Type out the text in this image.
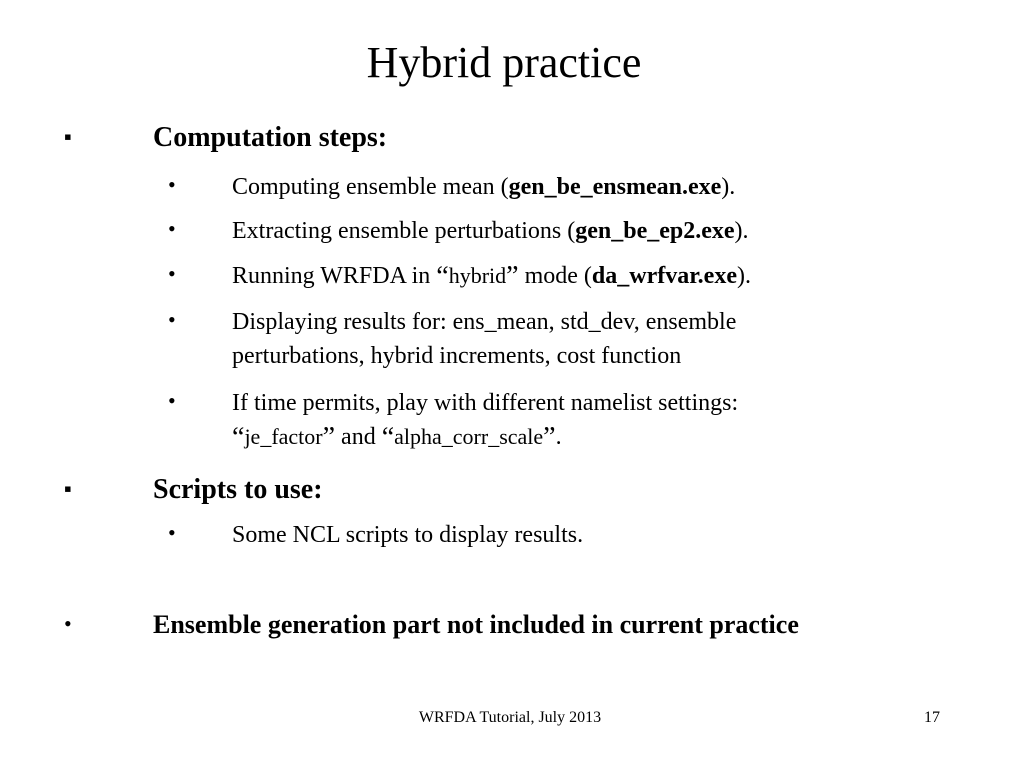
Hybrid practice
▪	Computation steps:
• Computing ensemble mean (gen_be_ensmean.exe).
• Extracting ensemble perturbations (gen_be_ep2.exe).
• Running WRFDA in “hybrid” mode (da_wrfvar.exe).
• Displaying results for: ens_mean, std_dev, ensemble
perturbations, hybrid increments, cost function
• If time permits, play with different namelist settings:
“je_factor” and “alpha_corr_scale”.
▪	Scripts to use:
• Some NCL scripts to display results.
•	Ensemble generation part not included in current practice
WRFDA Tutorial, July 2013	17
